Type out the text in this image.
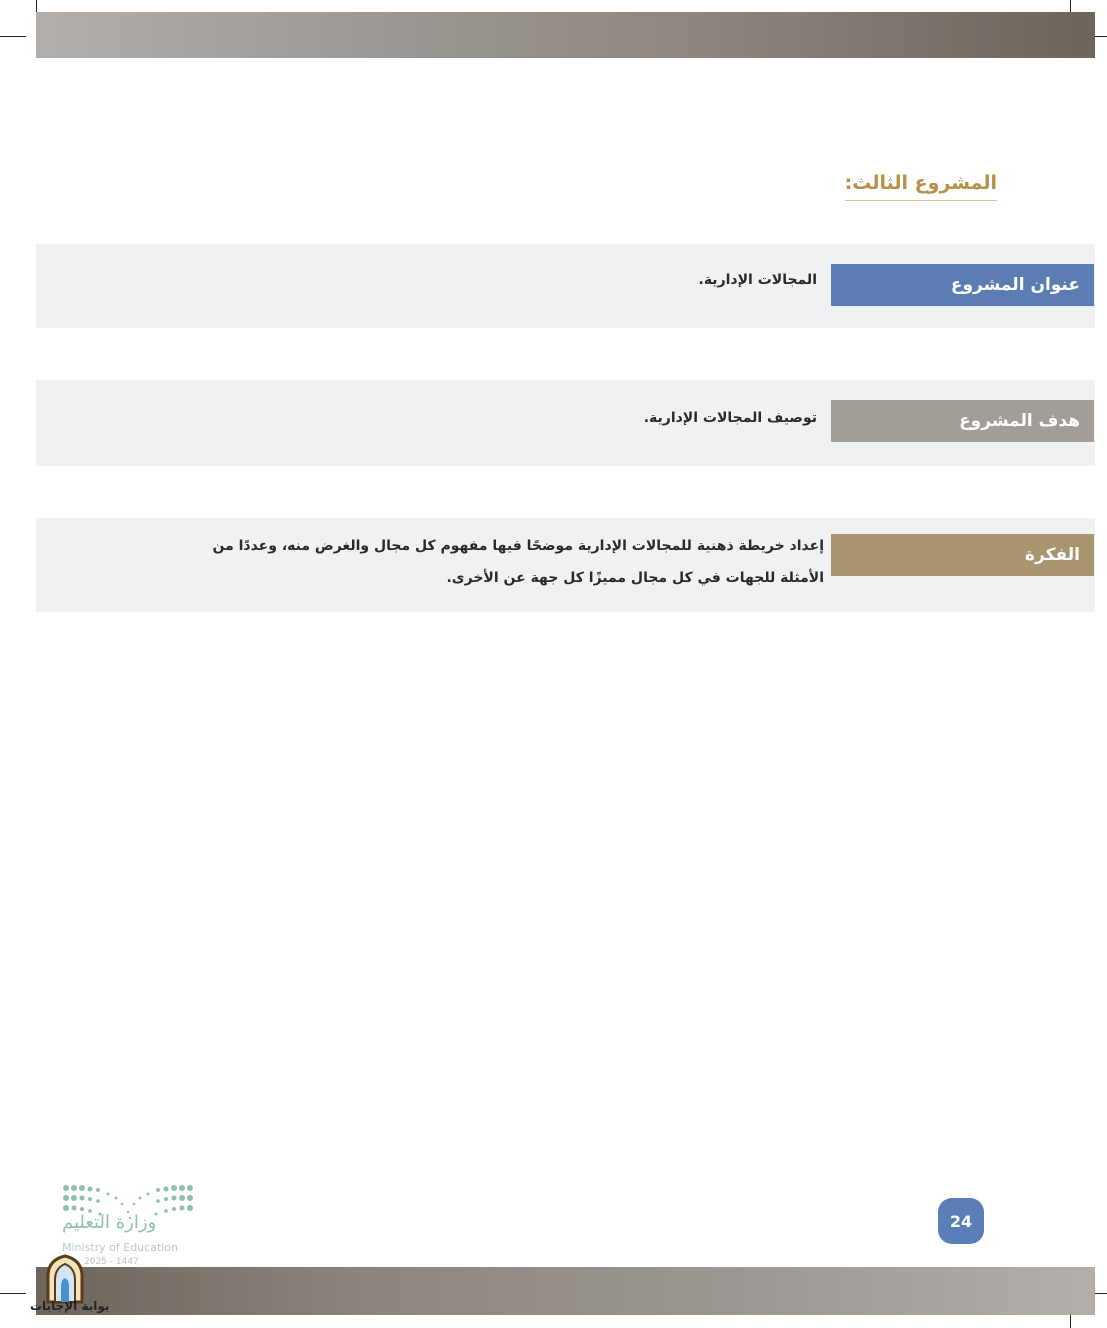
المشروع الثالث:
عنوان المشروع
المجالات الإدارية.
هدف المشروع
توصيف المجالات الإدارية.
الفكرة
إعداد خريطة ذهنية للمجالات الإدارية موضحًا فيها مفهوم كل مجال والغرض منه، وعددًا من
الأمثلة للجهات في كل مجال مميزًا كل جهة عن الأخرى.
وزارة التعليم
Ministry of Education
2025 - 1447
24
بوابة الإجابات
